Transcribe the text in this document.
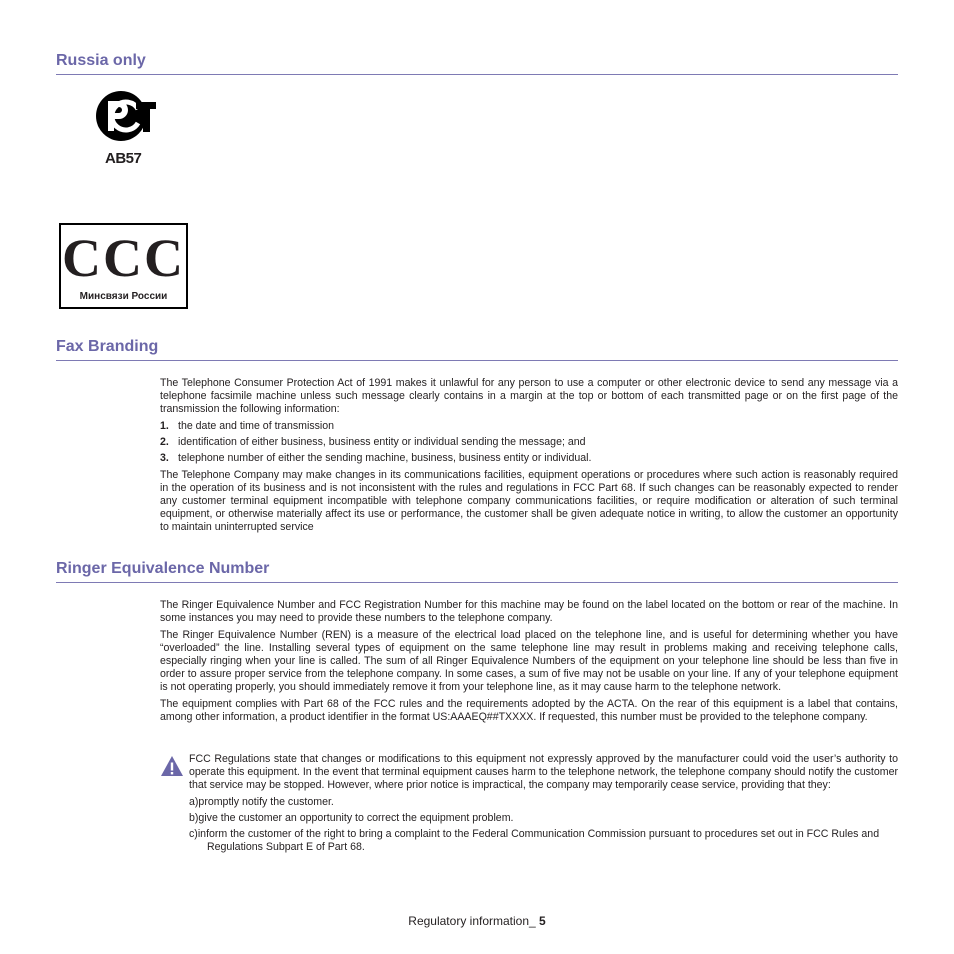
Russia only
AB57
CCC
Минсвязи России
Fax Branding

The Telephone Consumer Protection Act of 1991 makes it unlawful for any person to use a computer or other electronic device to send any message via a telephone facsimile machine unless such message clearly contains in a margin at the top or bottom of each transmitted page or on the first page of the transmission the following information:

1. the date and time of transmission
2. identification of either business, business entity or individual sending the message; and
3. telephone number of either the sending machine, business, business entity or individual.

The Telephone Company may make changes in its communications facilities, equipment operations or procedures where such action is reasonably required in the operation of its business and is not inconsistent with the rules and regulations in FCC Part 68. If such changes can be reasonably expected to render any customer terminal equipment incompatible with telephone company communications facilities, or require modification or alteration of such terminal equipment, or otherwise materially affect its use or performance, the customer shall be given adequate notice in writing, to allow the customer an opportunity to maintain uninterrupted service

Ringer Equivalence Number

The Ringer Equivalence Number and FCC Registration Number for this machine may be found on the label located on the bottom or rear of the machine. In some instances you may need to provide these numbers to the telephone company.

The Ringer Equivalence Number (REN) is a measure of the electrical load placed on the telephone line, and is useful for determining whether you have “overloaded” the line. Installing several types of equipment on the same telephone line may result in problems making and receiving telephone calls, especially ringing when your line is called. The sum of all Ringer Equivalence Numbers of the equipment on your telephone line should be less than five in order to assure proper service from the telephone company. In some cases, a sum of five may not be usable on your line. If any of your telephone equipment is not operating properly, you should immediately remove it from your telephone line, as it may cause harm to the telephone network.

The equipment complies with Part 68 of the FCC rules and the requirements adopted by the ACTA. On the rear of this equipment is a label that contains, among other information, a product identifier in the format US:AAAEQ##TXXXX. If requested, this number must be provided to the telephone company.

FCC Regulations state that changes or modifications to this equipment not expressly approved by the manufacturer could void the user’s authority to operate this equipment. In the event that terminal equipment causes harm to the telephone network, the telephone company should notify the customer that service may be stopped. However, where prior notice is impractical, the company may temporarily cease service, providing that they:

a)promptly notify the customer.
b)give the customer an opportunity to correct the equipment problem.
c)inform the customer of the right to bring a complaint to the Federal Communication Commission pursuant to procedures set out in FCC Rules and Regulations Subpart E of Part 68.
Regulatory information_ 5
